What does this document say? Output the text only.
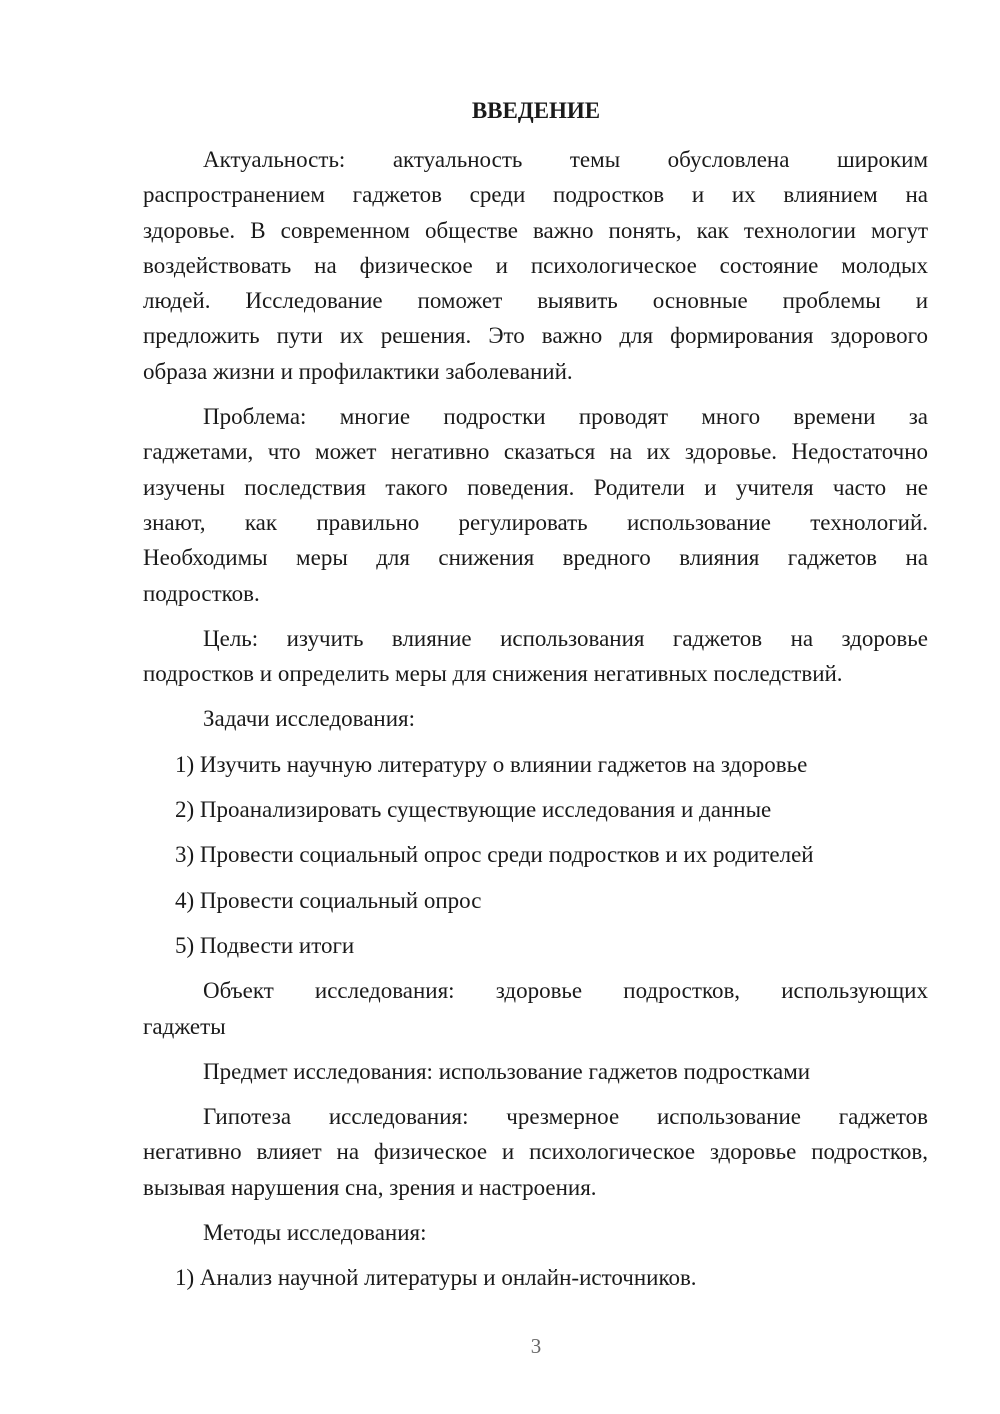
ВВЕДЕНИЕ
Актуальность: актуальность темы обусловлена широким
распространением гаджетов среди подростков и их влиянием на
здоровье. В современном обществе важно понять, как технологии могут
воздействовать на физическое и психологическое состояние молодых
людей. Исследование поможет выявить основные проблемы и
предложить пути их решения. Это важно для формирования здорового
образа жизни и профилактики заболеваний.
Проблема: многие подростки проводят много времени за
гаджетами, что может негативно сказаться на их здоровье. Недостаточно
изучены последствия такого поведения. Родители и учителя часто не
знают, как правильно регулировать использование технологий.
Необходимы меры для снижения вредного влияния гаджетов на
подростков.
Цель: изучить влияние использования гаджетов на здоровье
подростков и определить меры для снижения негативных последствий.
Задачи исследования:
1) Изучить научную литературу о влиянии гаджетов на здоровье
2) Проанализировать существующие исследования и данные
3) Провести социальный опрос среди подростков и их родителей
4) Провести социальный опрос
5) Подвести итоги
Объект исследования: здоровье подростков, использующих
гаджеты
Предмет исследования: использование гаджетов подростками
Гипотеза исследования: чрезмерное использование гаджетов
негативно влияет на физическое и психологическое здоровье подростков,
вызывая нарушения сна, зрения и настроения.
Методы исследования:
1) Анализ научной литературы и онлайн-источников.
3
